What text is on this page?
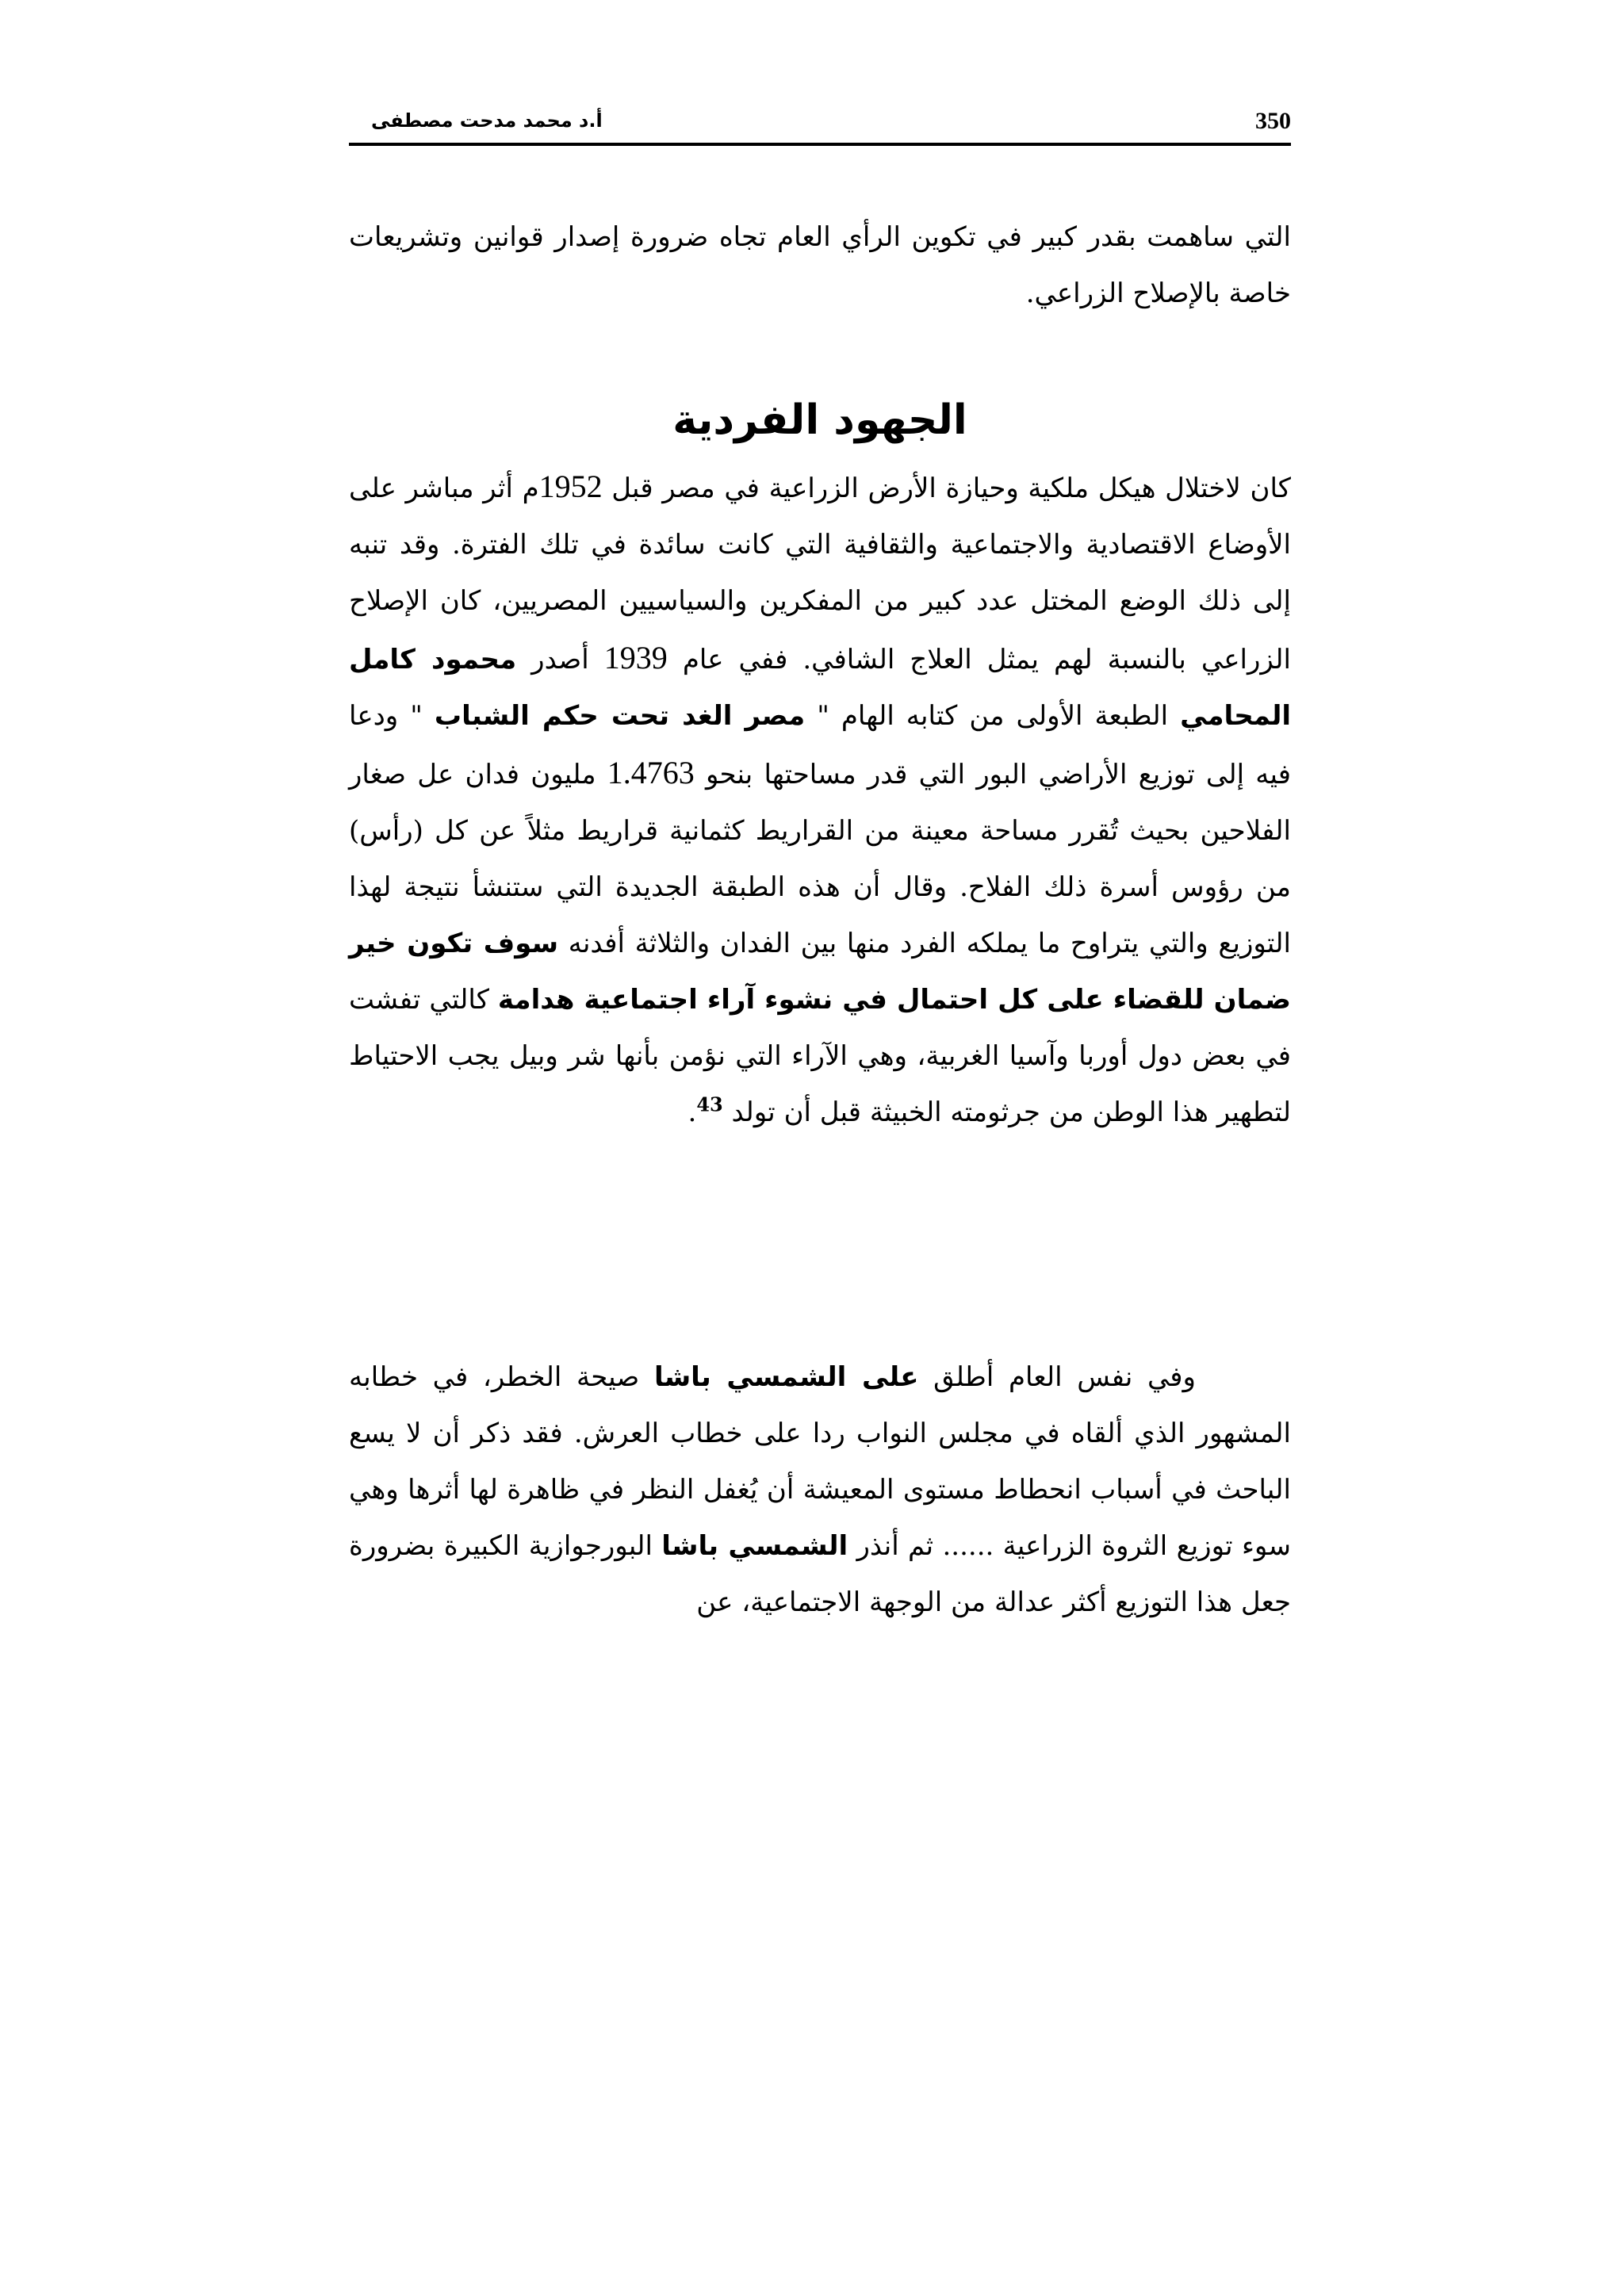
350
أ.د محمد مدحت مصطفى

التي ساهمت بقدر كبير في تكوين الرأي العام تجاه ضرورة إصدار قوانين وتشريعات خاصة بالإصلاح الزراعي.

الجهود الفردية

كان لاختلال هيكل ملكية وحيازة الأرض الزراعية في مصر قبل 1952م أثر مباشر على الأوضاع الاقتصادية والاجتماعية والثقافية التي كانت سائدة في تلك الفترة. وقد تنبه إلى ذلك الوضع المختل عدد كبير من المفكرين والسياسيين المصريين، كان الإصلاح الزراعي بالنسبة لهم يمثل العلاج الشافي. ففي عام 1939 أصدر محمود كامل المحامي الطبعة الأولى من كتابه الهام " مصر الغد تحت حكم الشباب " ودعا فيه إلى توزيع الأراضي البور التي قدر مساحتها بنحو 1.4763 مليون فدان عل صغار الفلاحين بحيث تُقرر مساحة معينة من القراريط كثمانية قراريط مثلاً عن كل (رأس) من رؤوس أسرة ذلك الفلاح. وقال أن هذه الطبقة الجديدة التي ستنشأ نتيجة لهذا التوزيع والتي يتراوح ما يملكه الفرد منها بين الفدان والثلاثة أفدنه سوف تكون خير ضمان للقضاء على كل احتمال في نشوء آراء اجتماعية هدامة كالتي تفشت في بعض دول أوربا وآسيا الغربية، وهي الآراء التي نؤمن بأنها شر وبيل يجب الاحتياط لتطهير هذا الوطن من جرثومته الخبيثة قبل أن تولد $^{43}$.

وفي نفس العام أطلق على الشمسي باشا صيحة الخطر، في خطابه المشهور الذي ألقاه في مجلس النواب ردا على خطاب العرش. فقد ذكر أن لا يسع الباحث في أسباب انحطاط مستوى المعيشة أن يُغفل النظر في ظاهرة لها أثرها وهي سوء توزيع الثروة الزراعية ...... ثم أنذر الشمسي باشا البورجوازية الكبيرة بضرورة جعل هذا التوزيع أكثر عدالة من الوجهة الاجتماعية، عن
